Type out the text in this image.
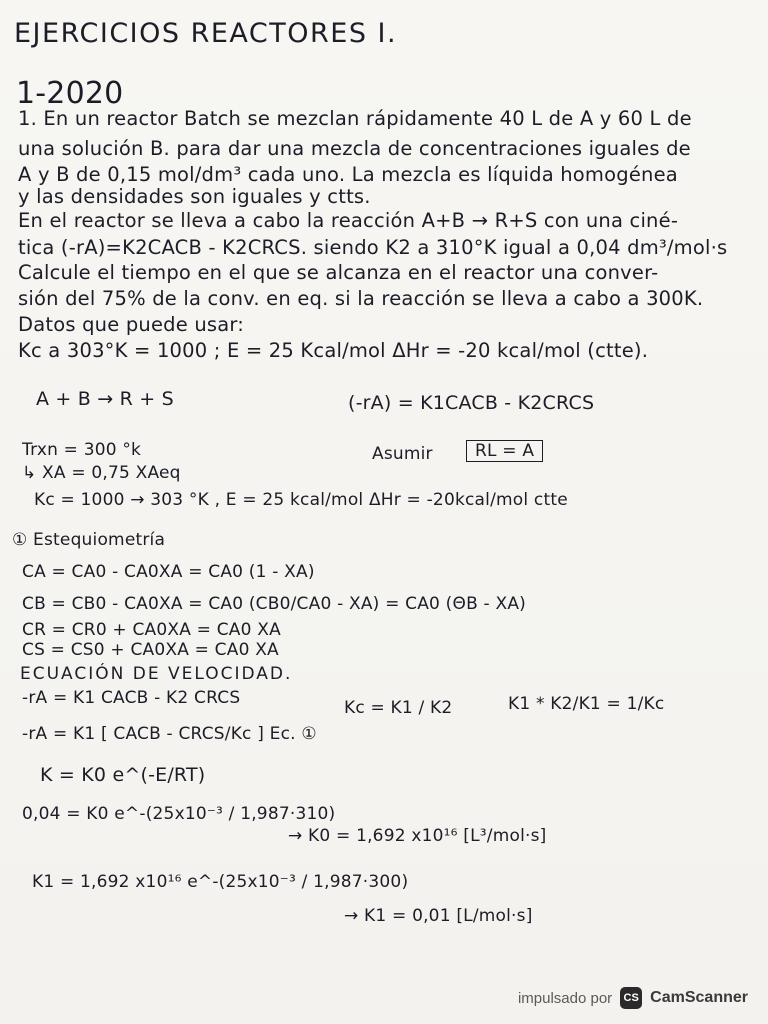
EJERCICIOS REACTORES I.
1-2020
1. En un reactor Batch se mezclan rápidamente 40 L de A y 60 L de
una solución B. para dar una mezcla de concentraciones iguales de
A y B de 0,15 mol/dm³ cada uno. La mezcla es líquida homogénea
y las densidades son iguales y ctts.
En el reactor se lleva a cabo la reacción A+B → R+S con una ciné-
tica (-rA)=K2CACB - K2CRCS. siendo K2 a 310°K igual a 0,04 dm³/mol·s
Calcule el tiempo en el que se alcanza en el reactor una conver-
sión del 75% de la conv. en eq. si la reacción se lleva a cabo a 300K.
Datos que puede usar:
Kc a 303°K = 1000 ; E = 25 Kcal/mol ΔHr = -20 kcal/mol (ctte).
A + B → R + S	(-rA) = K1CACB - K2CRCS
Trxn = 300 °k	Asumir	RL = A
↳ XA = 0,75 XAeq
Kc = 1000 → 303 °K , E = 25 kcal/mol ΔHr = -20kcal/mol ctte
① Estequiometría
CA = CA0 - CA0XA = CA0 (1 - XA)
CB = CB0 - CA0XA = CA0 (CB0/CA0 - XA) = CA0 (ΘB - XA)
CR = CR0 + CA0XA = CA0 XA
CS = CS0 + CA0XA = CA0 XA
ECUACIÓN DE VELOCIDAD.
-rA = K1 CACB - K2 CRCS	Kc = K1 / K2	K1 * K2/K1 = 1/Kc
-rA = K1 [ CACB - CRCS/Kc ] Ec. ①
K = K0 e^(-E/RT)
0,04 = K0 e^-(25x10⁻³ / 1,987·310)
→ K0 = 1,692 x10¹⁶ [L³/mol·s]
K1 = 1,692 x10¹⁶ e^-(25x10⁻³ / 1,987·300)
→ K1 = 0,01 [L/mol·s]
impulsado por	CS CamScanner
